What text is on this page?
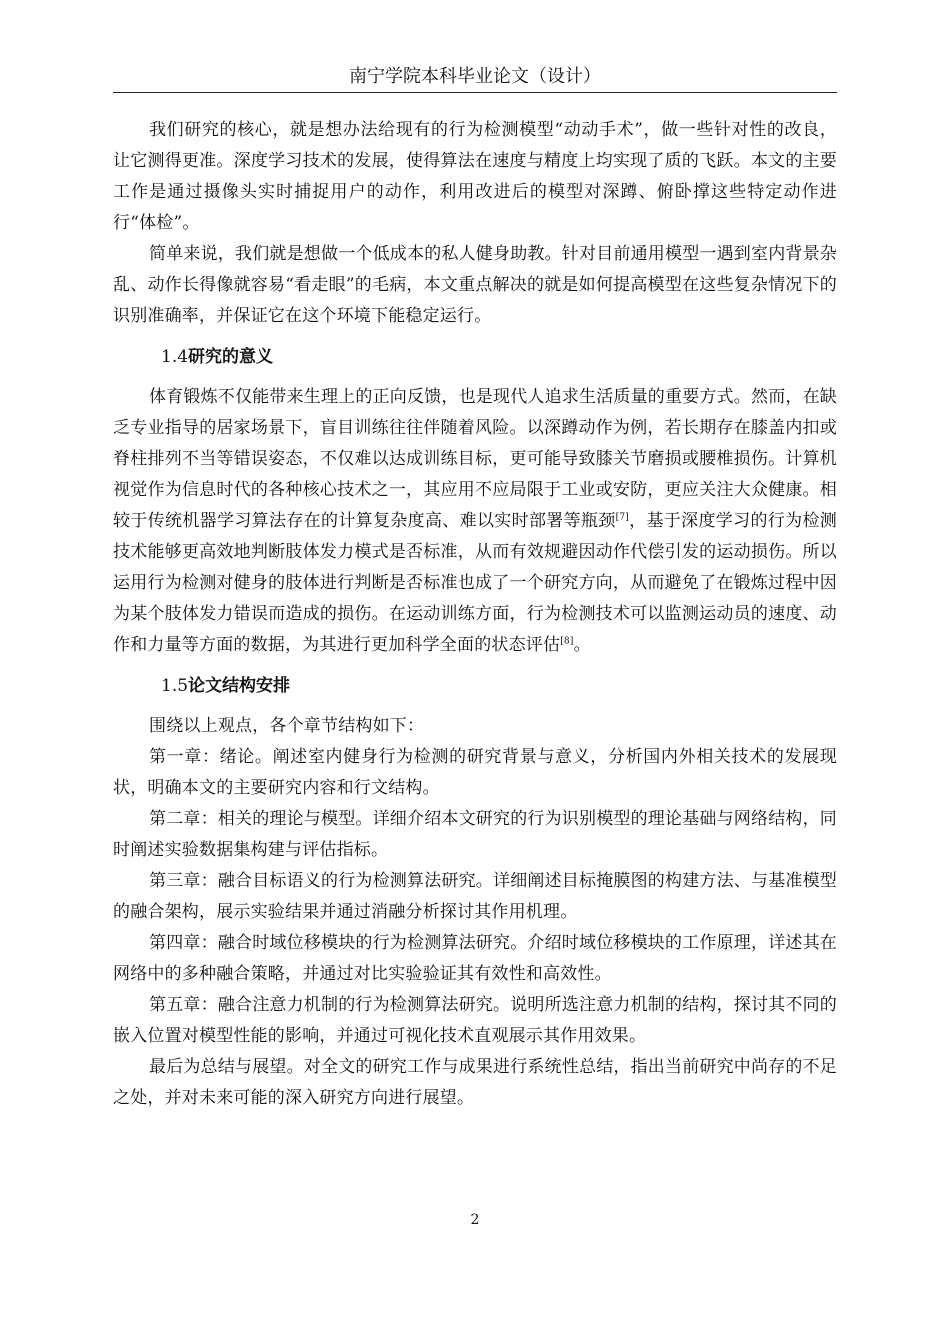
南宁学院本科毕业论文（设计）

我们研究的核心，就是想办法给现有的行为检测模型“动动手术”，做一些针对性的改良，让它测得更准。深度学习技术的发展，使得算法在速度与精度上均实现了质的飞跃。本文的主要工作是通过摄像头实时捕捉用户的动作，利用改进后的模型对深蹲、俯卧撑这些特定动作进行“体检”。

简单来说，我们就是想做一个低成本的私人健身助教。针对目前通用模型一遇到室内背景杂乱、动作长得像就容易“看走眼”的毛病，本文重点解决的就是如何提高模型在这些复杂情况下的识别准确率，并保证它在这个环境下能稳定运行。

1.4研究的意义

体育锻炼不仅能带来生理上的正向反馈，也是现代人追求生活质量的重要方式。然而，在缺乏专业指导的居家场景下，盲目训练往往伴随着风险。以深蹲动作为例，若长期存在膝盖内扣或脊柱排列不当等错误姿态，不仅难以达成训练目标，更可能导致膝关节磨损或腰椎损伤。计算机视觉作为信息时代的各种核心技术之一，其应用不应局限于工业或安防，更应关注大众健康。相较于传统机器学习算法存在的计算复杂度高、难以实时部署等瓶颈[7]，基于深度学习的行为检测技术能够更高效地判断肢体发力模式是否标准，从而有效规避因动作代偿引发的运动损伤。所以运用行为检测对健身的肢体进行判断是否标准也成了一个研究方向，从而避免了在锻炼过程中因为某个肢体发力错误而造成的损伤。在运动训练方面，行为检测技术可以监测运动员的速度、动作和力量等方面的数据，为其进行更加科学全面的状态评估[8]。

1.5论文结构安排

围绕以上观点，各个章节结构如下：

第一章：绪论。阐述室内健身行为检测的研究背景与意义，分析国内外相关技术的发展现状，明确本文的主要研究内容和行文结构。

第二章：相关的理论与模型。详细介绍本文研究的行为识别模型的理论基础与网络结构，同时阐述实验数据集构建与评估指标。

第三章：融合目标语义的行为检测算法研究。详细阐述目标掩膜图的构建方法、与基准模型的融合架构，展示实验结果并通过消融分析探讨其作用机理。

第四章：融合时域位移模块的行为检测算法研究。介绍时域位移模块的工作原理，详述其在网络中的多种融合策略，并通过对比实验验证其有效性和高效性。

第五章：融合注意力机制的行为检测算法研究。说明所选注意力机制的结构，探讨其不同的嵌入位置对模型性能的影响，并通过可视化技术直观展示其作用效果。

最后为总结与展望。对全文的研究工作与成果进行系统性总结，指出当前研究中尚存的不足之处，并对未来可能的深入研究方向进行展望。

2
